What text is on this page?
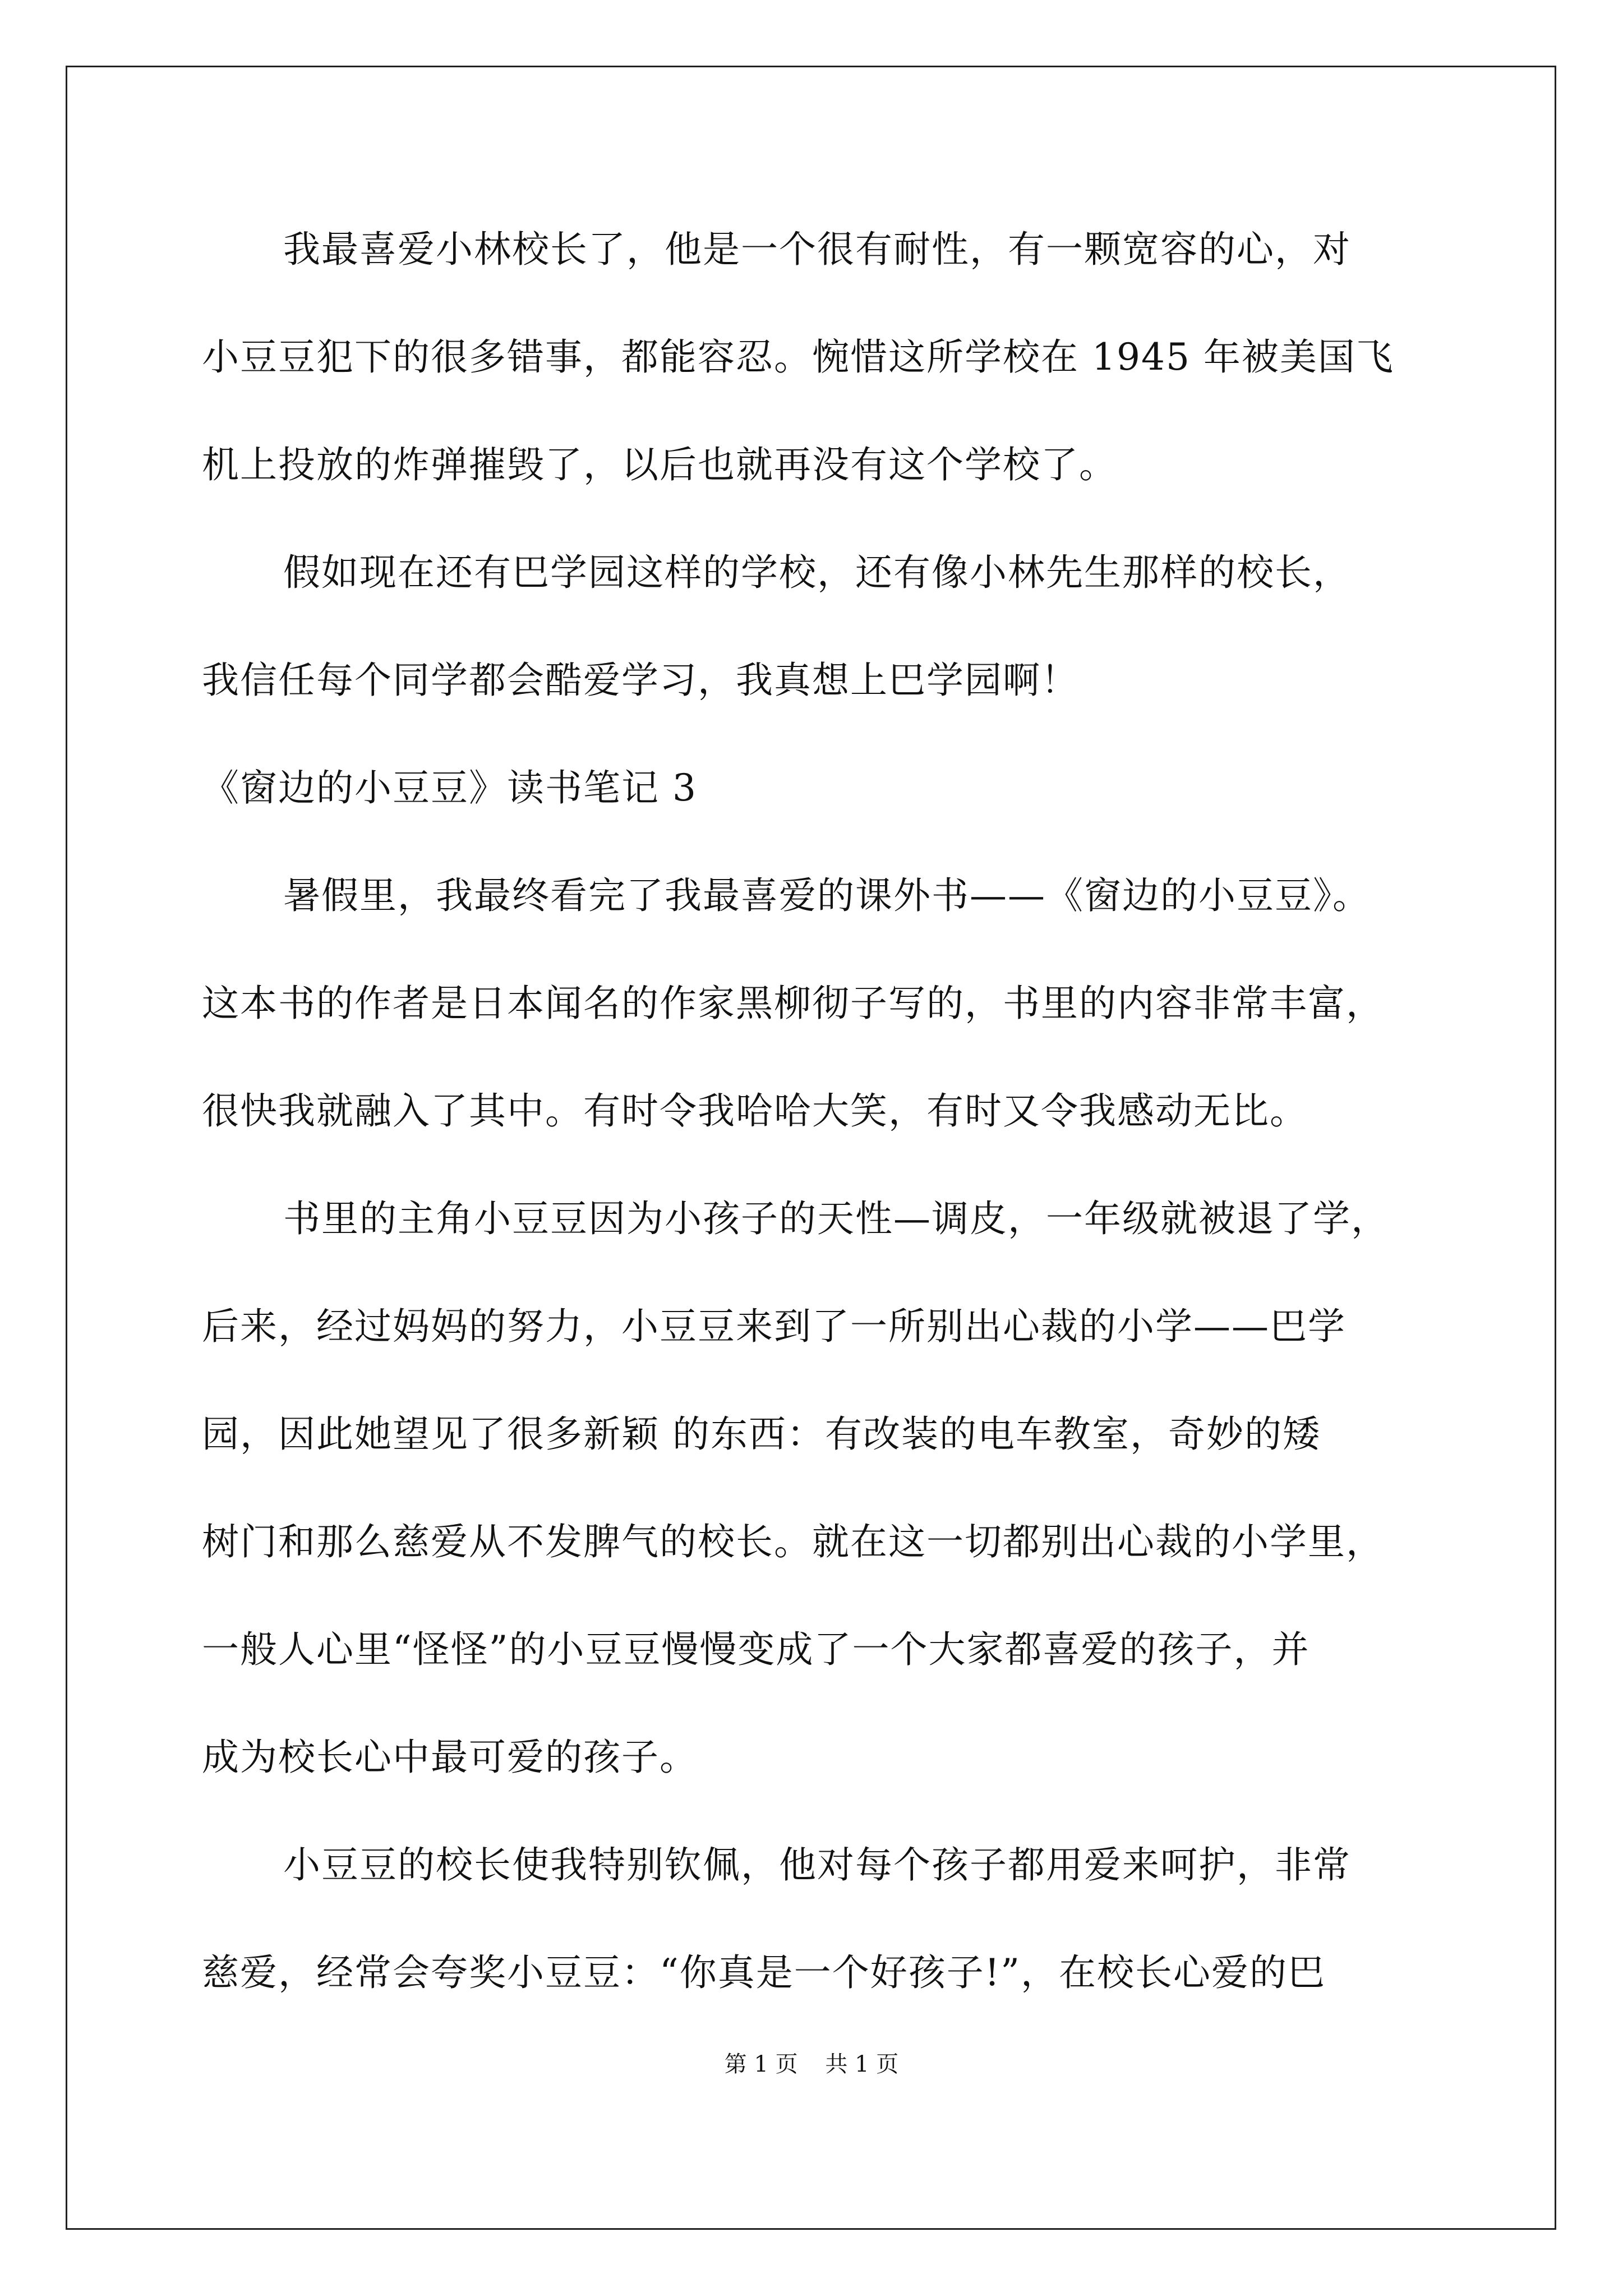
我最喜爱小林校长了，他是一个很有耐性，有一颗宽容的心，对
小豆豆犯下的很多错事，都能容忍。惋惜这所学校在 1945 年被美国飞
机上投放的炸弹摧毁了，以后也就再没有这个学校了。
假如现在还有巴学园这样的学校，还有像小林先生那样的校长，
我信任每个同学都会酷爱学习，我真想上巴学园啊！
《窗边的小豆豆》读书笔记 3
暑假里，我最终看完了我最喜爱的课外书——《窗边的小豆豆》。
这本书的作者是日本闻名的作家黑柳彻子写的，书里的内容非常丰富，
很快我就融入了其中。有时令我哈哈大笑，有时又令我感动无比。
书里的主角小豆豆因为小孩子的天性—调皮，一年级就被退了学，
后来，经过妈妈的努力，小豆豆来到了一所别出心裁的小学——巴学
园，因此她望见了很多新颖 的东西：有改装的电车教室，奇妙的矮
树门和那么慈爱从不发脾气的校长。就在这一切都别出心裁的小学里，
一般人心里“怪怪”的小豆豆慢慢变成了一个大家都喜爱的孩子，并
成为校长心中最可爱的孩子。
小豆豆的校长使我特别钦佩，他对每个孩子都用爱来呵护，非常
慈爱，经常会夸奖小豆豆：“你真是一个好孩子!”，在校长心爱的巴
第 1 页 共 1 页
